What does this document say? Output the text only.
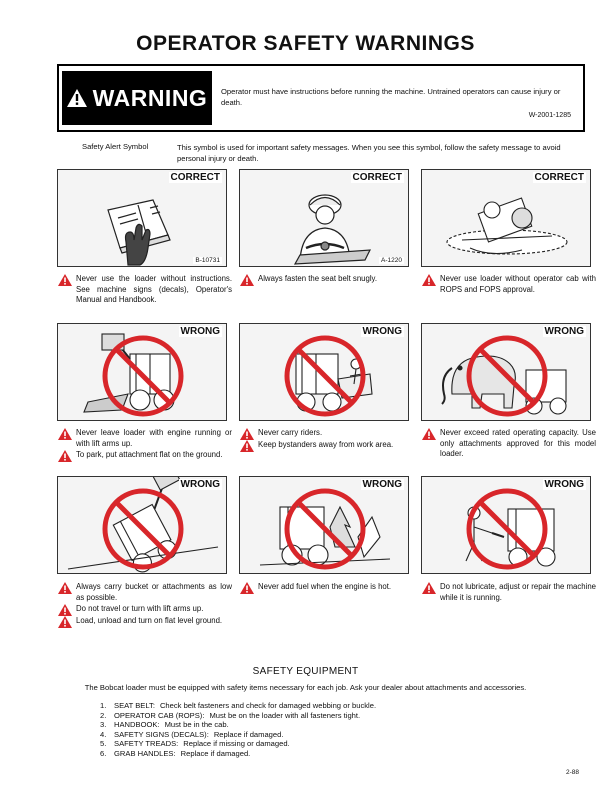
OPERATOR SAFETY WARNINGS
WARNING Operator must have instructions before running the machine. Untrained operators can cause injury or death.
W-2001-1285
Safety Alert Symbol	This symbol is used for important safety messages. When you see this symbol, follow the safety message to avoid personal injury or death.
CORRECT
B-10731

Never use the loader without instructions. See machine signs (decals), Operator's Manual and Handbook.

CORRECT
A-1220

Always fasten the seat belt snugly.

CORRECT

Never use loader without operator cab with ROPS and FOPS approval.

WRONG

Never leave loader with engine running or with lift arms up.

To park, put attachment flat on the ground.

WRONG

Never carry riders.

Keep bystanders away from work area.

WRONG

Never exceed rated operating capacity. Use only attachments approved for this model loader.

WRONG

Always carry bucket or attachments as low as possible.

Do not travel or turn with lift arms up.

Load, unload and turn on flat level ground.

WRONG

Never add fuel when the engine is hot.

WRONG

Do not lubricate, adjust or repair the machine while it is running.

SAFETY EQUIPMENT
The Bobcat loader must be equipped with safety items necessary for each job. Ask your dealer about attachments and accessories.
1. SEAT BELT: Check belt fasteners and check for damaged webbing or buckle.
2. OPERATOR CAB (ROPS): Must be on the loader with all fasteners tight.
3. HANDBOOK: Must be in the cab.
4. SAFETY SIGNS (DECALS): Replace if damaged.
5. SAFETY TREADS: Replace if missing or damaged.
6. GRAB HANDLES: Replace if damaged.
2-88
